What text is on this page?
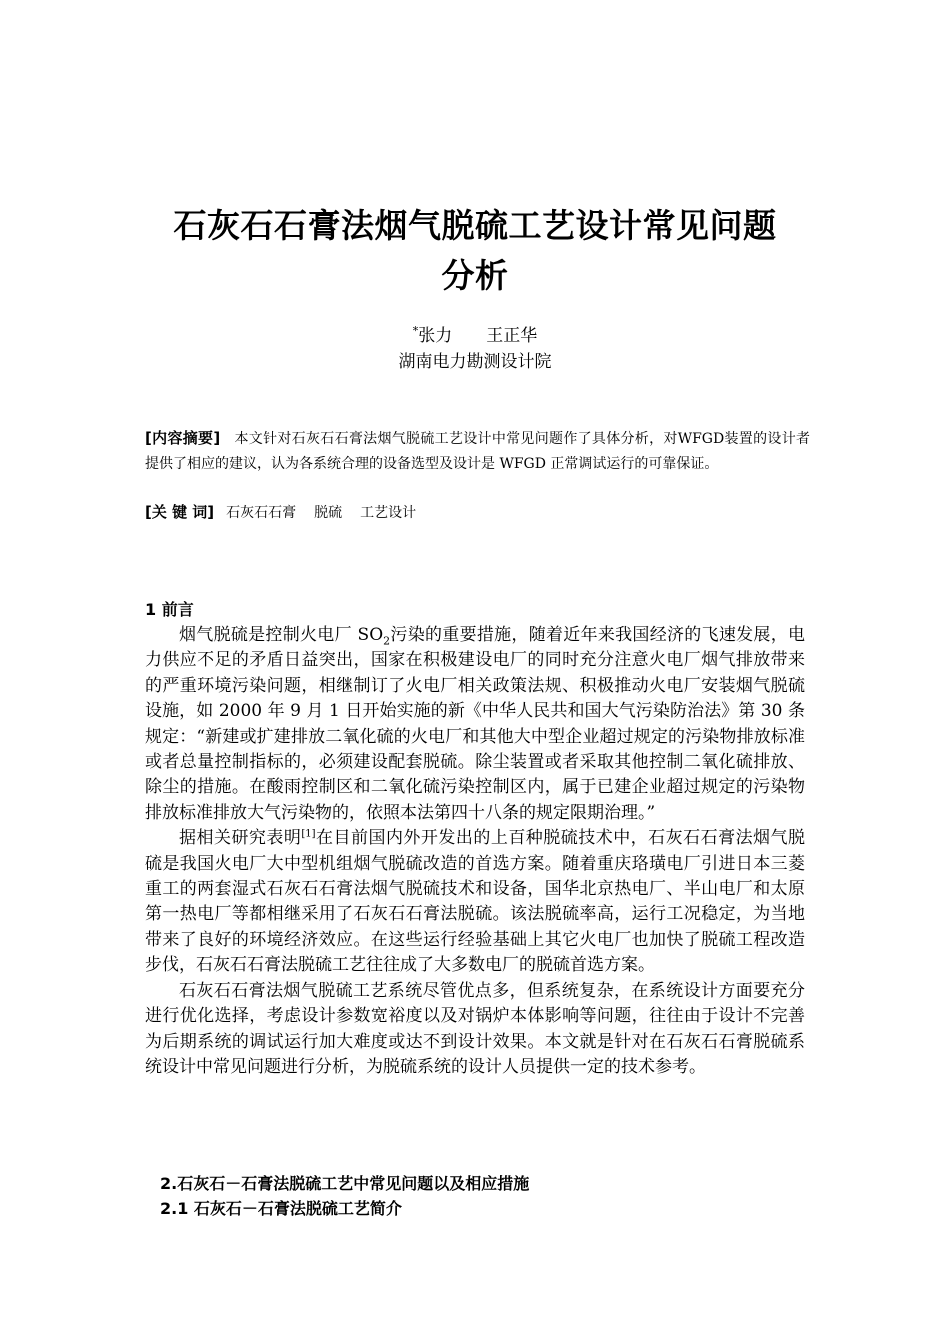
石灰石石膏法烟气脱硫工艺设计常见问题
分析
*张力 王正华
湖南电力勘测设计院
[内容摘要] 本文针对石灰石石膏法烟气脱硫工艺设计中常见问题作了具体分析，对WFGD装置的设计者提供了相应的建议，认为各系统合理的设备选型及设计是 WFGD 正常调试运行的可靠保证。
[关 键 词] 石灰石石膏 脱硫 工艺设计
1 前言

烟气脱硫是控制火电厂 $SO_2$污染的重要措施，随着近年来我国经济的飞速发展，电力供应不足的矛盾日益突出，国家在积极建设电厂的同时充分注意火电厂烟气排放带来的严重环境污染问题，相继制订了火电厂相关政策法规、积极推动火电厂安装烟气脱硫设施，如 2000 年 9 月 1 日开始实施的新《中华人民共和国大气污染防治法》第 30 条规定：“新建或扩建排放二氧化硫的火电厂和其他大中型企业超过规定的污染物排放标准或者总量控制指标的，必须建设配套脱硫。除尘装置或者采取其他控制二氧化硫排放、除尘的措施。在酸雨控制区和二氧化硫污染控制区内，属于已建企业超过规定的污染物排放标准排放大气污染物的，依照本法第四十八条的规定限期治理。”

据相关研究表明[1]在目前国内外开发出的上百种脱硫技术中，石灰石石膏法烟气脱硫是我国火电厂大中型机组烟气脱硫改造的首选方案。随着重庆珞璜电厂引进日本三菱重工的两套湿式石灰石石膏法烟气脱硫技术和设备，国华北京热电厂、半山电厂和太原第一热电厂等都相继采用了石灰石石膏法脱硫。该法脱硫率高，运行工况稳定，为当地带来了良好的环境经济效应。在这些运行经验基础上其它火电厂也加快了脱硫工程改造步伐，石灰石石膏法脱硫工艺往往成了大多数电厂的脱硫首选方案。

石灰石石膏法烟气脱硫工艺系统尽管优点多，但系统复杂，在系统设计方面要充分进行优化选择，考虑设计参数宽裕度以及对锅炉本体影响等问题，往往由于设计不完善为后期系统的调试运行加大难度或达不到设计效果。本文就是针对在石灰石石膏脱硫系统设计中常见问题进行分析，为脱硫系统的设计人员提供一定的技术参考。

2.石灰石－石膏法脱硫工艺中常见问题以及相应措施
2.1 石灰石－石膏法脱硫工艺简介
